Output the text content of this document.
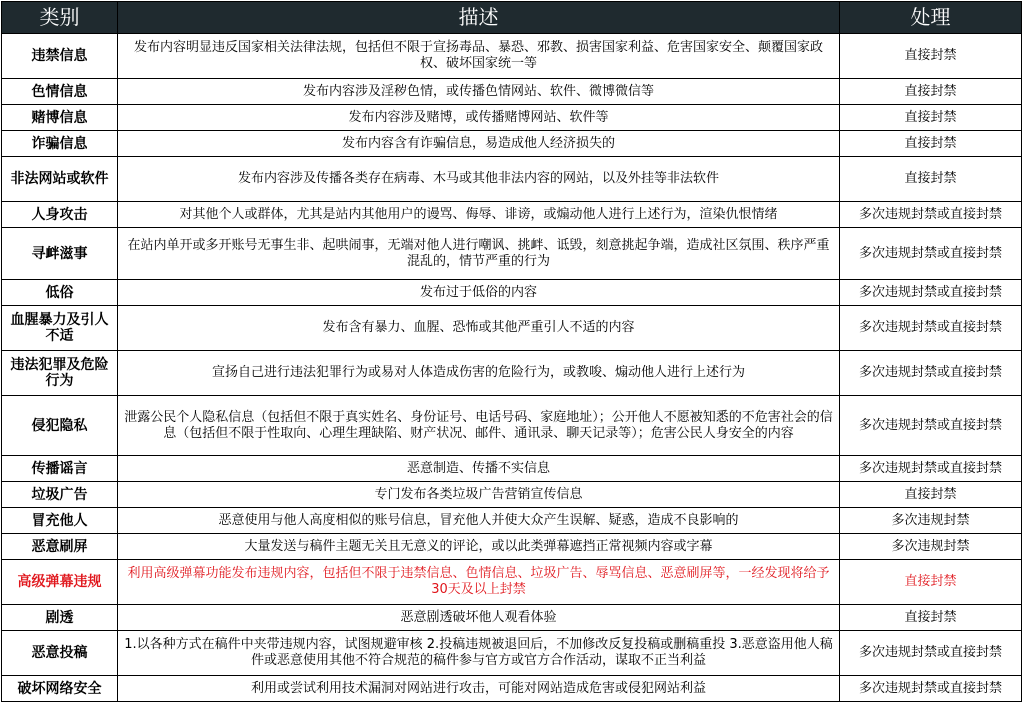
类别	描述	处理
违禁信息	发布内容明显违反国家相关法律法规，包括但不限于宣扬毒品、暴恐、邪教、损害国家利益、危害国家安全、颠覆国家政权、破坏国家统一等	直接封禁
色情信息	发布内容涉及淫秽色情，或传播色情网站、软件、微博微信等	直接封禁
赌博信息	发布内容涉及赌博，或传播赌博网站、软件等	直接封禁
诈骗信息	发布内容含有诈骗信息，易造成他人经济损失的	直接封禁
非法网站或软件	发布内容涉及传播各类存在病毒、木马或其他非法内容的网站，以及外挂等非法软件	直接封禁
人身攻击	对其他个人或群体，尤其是站内其他用户的谩骂、侮辱、诽谤，或煽动他人进行上述行为，渲染仇恨情绪	多次违规封禁或直接封禁
寻衅滋事	在站内单开或多开账号无事生非、起哄闹事，无端对他人进行嘲讽、挑衅、诋毁，刻意挑起争端，造成社区氛围、秩序严重混乱的，情节严重的行为	多次违规封禁或直接封禁
低俗	发布过于低俗的内容	多次违规封禁或直接封禁
血腥暴力及引人不适	发布含有暴力、血腥、恐怖或其他严重引人不适的内容	多次违规封禁或直接封禁
违法犯罪及危险行为	宣扬自己进行违法犯罪行为或易对人体造成伤害的危险行为，或教唆、煽动他人进行上述行为	多次违规封禁或直接封禁
侵犯隐私	泄露公民个人隐私信息（包括但不限于真实姓名、身份证号、电话号码、家庭地址）；公开他人不愿被知悉的不危害社会的信息（包括但不限于性取向、心理生理缺陷、财产状况、邮件、通讯录、聊天记录等）；危害公民人身安全的内容	多次违规封禁或直接封禁
传播谣言	恶意制造、传播不实信息	多次违规封禁或直接封禁
垃圾广告	专门发布各类垃圾广告营销宣传信息	直接封禁
冒充他人	恶意使用与他人高度相似的账号信息，冒充他人并使大众产生误解、疑惑，造成不良影响的	多次违规封禁
恶意刷屏	大量发送与稿件主题无关且无意义的评论，或以此类弹幕遮挡正常视频内容或字幕	多次违规封禁
高级弹幕违规	利用高级弹幕功能发布违规内容，包括但不限于违禁信息、色情信息、垃圾广告、辱骂信息、恶意刷屏等，一经发现将给予30天及以上封禁	直接封禁
剧透	恶意剧透破坏他人观看体验	直接封禁
恶意投稿	1.以各种方式在稿件中夹带违规内容，试图规避审核 2.投稿违规被退回后，不加修改反复投稿或删稿重投 3.恶意盗用他人稿件或恶意使用其他不符合规范的稿件参与官方或官方合作活动，谋取不正当利益	多次违规封禁或直接封禁
破坏网络安全	利用或尝试利用技术漏洞对网站进行攻击，可能对网站造成危害或侵犯网站利益	多次违规封禁或直接封禁
